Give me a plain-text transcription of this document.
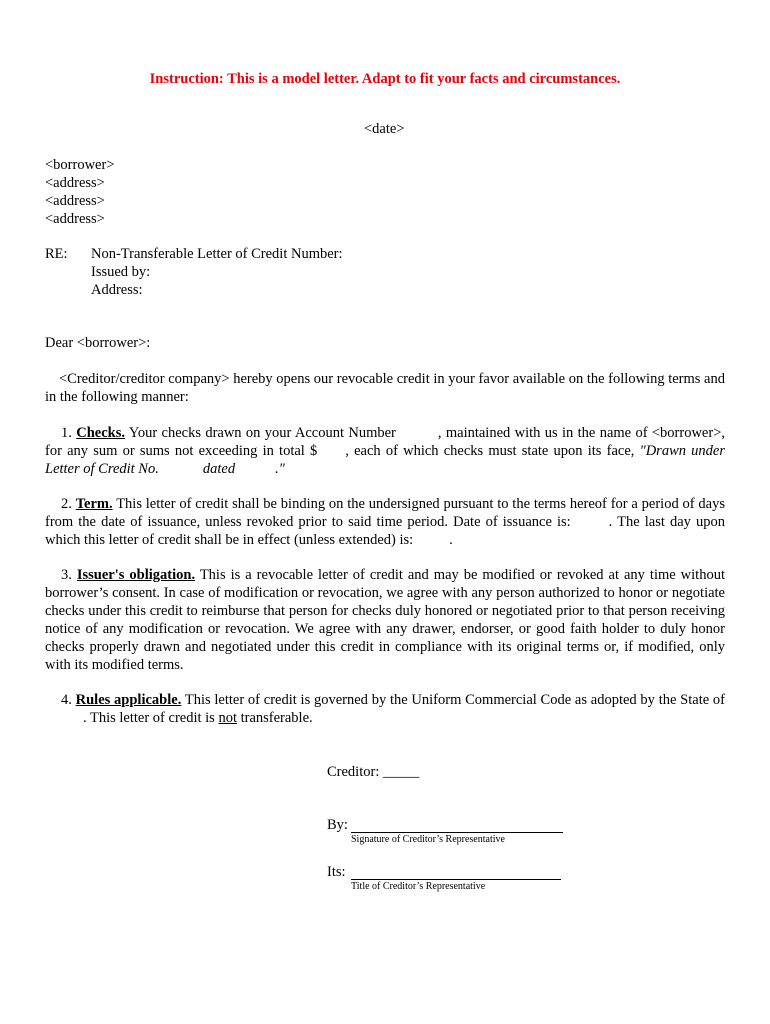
Instruction: This is a model letter. Adapt to fit your facts and circumstances.
<date>
<borrower>
<address>
<address>
<address>
RE: Non-Transferable Letter of Credit Number:
Issued by:
Address:
Dear <borrower>:
<Creditor/creditor company> hereby opens our revocable credit in your favor available on the following terms and in the following manner:
1. Checks. Your checks drawn on your Account Number	, maintained with us in the name of <borrower>, for any sum or sums not exceeding in total $ , each of which checks must state upon its face, "Drawn under Letter of Credit No.	dated	."
2. Term. This letter of credit shall be binding on the undersigned pursuant to the terms hereof for a period of days from the date of issuance, unless revoked prior to said time period. Date of issuance is:	. The last day upon which this letter of credit shall be in effect (unless extended) is: .
3. Issuer's obligation. This is a revocable letter of credit and may be modified or revoked at any time without borrower’s consent. In case of modification or revocation, we agree with any person authorized to honor or negotiate checks under this credit to reimburse that person for checks duly honored or negotiated prior to that person receiving notice of any modification or revocation. We agree with any drawer, endorser, or good faith holder to duly honor checks properly drawn and negotiated under this credit in compliance with its original terms or, if modified, only with its modified terms.
4. Rules applicable. This letter of credit is governed by the Uniform Commercial Code as adopted by the State of. This letter of credit is not transferable.
Creditor: _____
By:
Signature of Creditor’s Representative
Its:
Title of Creditor’s Representative
